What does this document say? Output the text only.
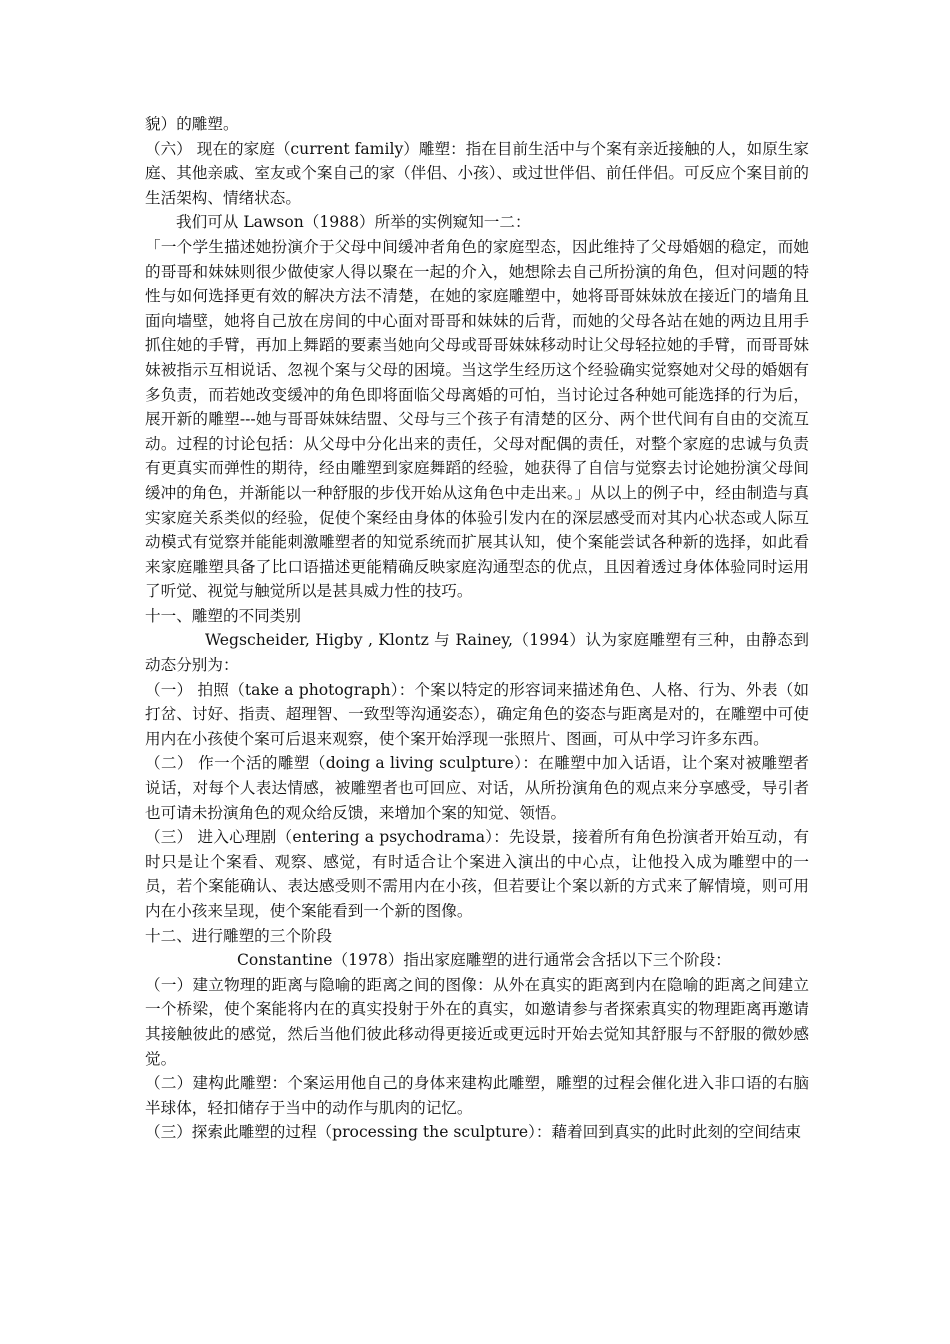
貌）的雕塑。

（六） 现在的家庭（current family）雕塑：指在目前生活中与个案有亲近接触的人，如原生家庭、其他亲戚、室友或个案自己的家（伴侣、小孩）、或过世伴侣、前任伴侣。可反应个案目前的生活架构、情绪状态。

我们可从 Lawson（1988）所举的实例窥知一二：

「一个学生描述她扮演介于父母中间缓冲者角色的家庭型态，因此维持了父母婚姻的稳定，而她的哥哥和妹妹则很少做使家人得以聚在一起的介入，她想除去自己所扮演的角色，但对问题的特性与如何选择更有效的解决方法不清楚，在她的家庭雕塑中，她将哥哥妹妹放在接近门的墙角且面向墙壁，她将自己放在房间的中心面对哥哥和妹妹的后背，而她的父母各站在她的两边且用手抓住她的手臂，再加上舞蹈的要素当她向父母或哥哥妹妹移动时让父母轻拉她的手臂，而哥哥妹妹被指示互相说话、忽视个案与父母的困境。当这学生经历这个经验确实觉察她对父母的婚姻有多负责，而若她改变缓冲的角色即将面临父母离婚的可怕，当讨论过各种她可能选择的行为后，展开新的雕塑---她与哥哥妹妹结盟、父母与三个孩子有清楚的区分、两个世代间有自由的交流互动。过程的讨论包括：从父母中分化出来的责任，父母对配偶的责任，对整个家庭的忠诚与负责有更真实而弹性的期待，经由雕塑到家庭舞蹈的经验，她获得了自信与觉察去讨论她扮演父母间缓冲的角色，并渐能以一种舒服的步伐开始从这角色中走出来。」从以上的例子中，经由制造与真实家庭关系类似的经验，促使个案经由身体的体验引发内在的深层感受而对其内心状态或人际互动模式有觉察并能能刺激雕塑者的知觉系统而扩展其认知，使个案能尝试各种新的选择，如此看来家庭雕塑具备了比口语描述更能精确反映家庭沟通型态的优点，且因着透过身体体验同时运用了听觉、视觉与触觉所以是甚具威力性的技巧。

十一、雕塑的不同类别

Wegscheider, Higby , Klontz 与 Rainey,（1994）认为家庭雕塑有三种，由静态到动态分别为：

（一） 拍照（take a photograph）：个案以特定的形容词来描述角色、人格、行为、外表（如打岔、讨好、指责、超理智、一致型等沟通姿态），确定角色的姿态与距离是对的，在雕塑中可使用内在小孩使个案可后退来观察，使个案开始浮现一张照片、图画，可从中学习许多东西。

（二） 作一个活的雕塑（doing a living sculpture）：在雕塑中加入话语，让个案对被雕塑者说话，对每个人表达情感，被雕塑者也可回应、对话，从所扮演角色的观点来分享感受，导引者也可请未扮演角色的观众给反馈，来增加个案的知觉、领悟。

（三） 进入心理剧（entering a psychodrama）：先设景，接着所有角色扮演者开始互动，有时只是让个案看、观察、感觉，有时适合让个案进入演出的中心点，让他投入成为雕塑中的一员，若个案能确认、表达感受则不需用内在小孩，但若要让个案以新的方式来了解情境，则可用内在小孩来呈现，使个案能看到一个新的图像。

十二、进行雕塑的三个阶段

Constantine（1978）指出家庭雕塑的进行通常会含括以下三个阶段：

（一）建立物理的距离与隐喻的距离之间的图像：从外在真实的距离到内在隐喻的距离之间建立一个桥梁，使个案能将内在的真实投射于外在的真实，如邀请参与者探索真实的物理距离再邀请其接触彼此的感觉，然后当他们彼此移动得更接近或更远时开始去觉知其舒服与不舒服的微妙感觉。

（二）建构此雕塑：个案运用他自己的身体来建构此雕塑，雕塑的过程会催化进入非口语的右脑半球体，轻扣储存于当中的动作与肌肉的记忆。

（三）探索此雕塑的过程（processing the sculpture）：藉着回到真实的此时此刻的空间结束
